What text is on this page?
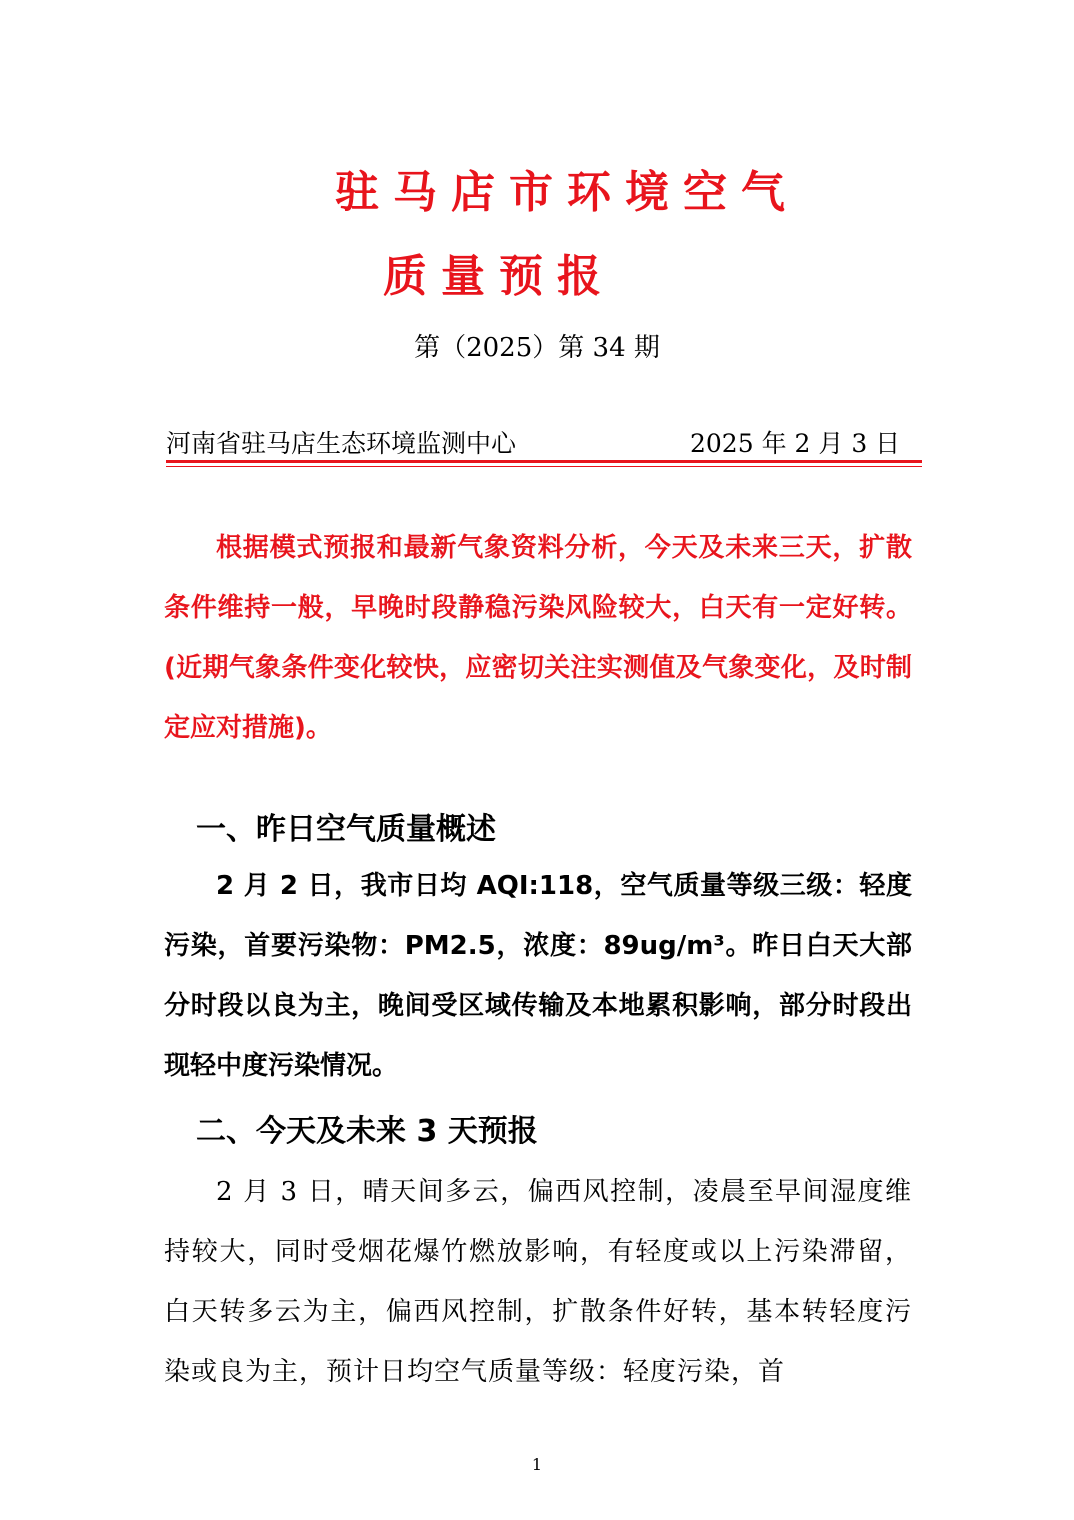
驻马店市环境空气
质量预报
第（2025）第 34 期
河南省驻马店生态环境监测中心	2025 年 2 月 3 日

根据模式预报和最新气象资料分析，今天及未来三天，扩散条件维持一般，早晚时段静稳污染风险较大，白天有一定好转。(近期气象条件变化较快，应密切关注实测值及气象变化，及时制定应对措施)。

一、昨日空气质量概述

2 月 2 日，我市日均 AQI:118，空气质量等级三级：轻度污染，首要污染物：PM2.5，浓度：89ug/m³。昨日白天大部分时段以良为主，晚间受区域传输及本地累积影响，部分时段出现轻中度污染情况。

二、今天及未来 3 天预报

2 月 3 日，晴天间多云，偏西风控制，凌晨至早间湿度维持较大，同时受烟花爆竹燃放影响，有轻度或以上污染滞留，白天转多云为主，偏西风控制，扩散条件好转，基本转轻度污染或良为主，预计日均空气质量等级：轻度污染，首

1
